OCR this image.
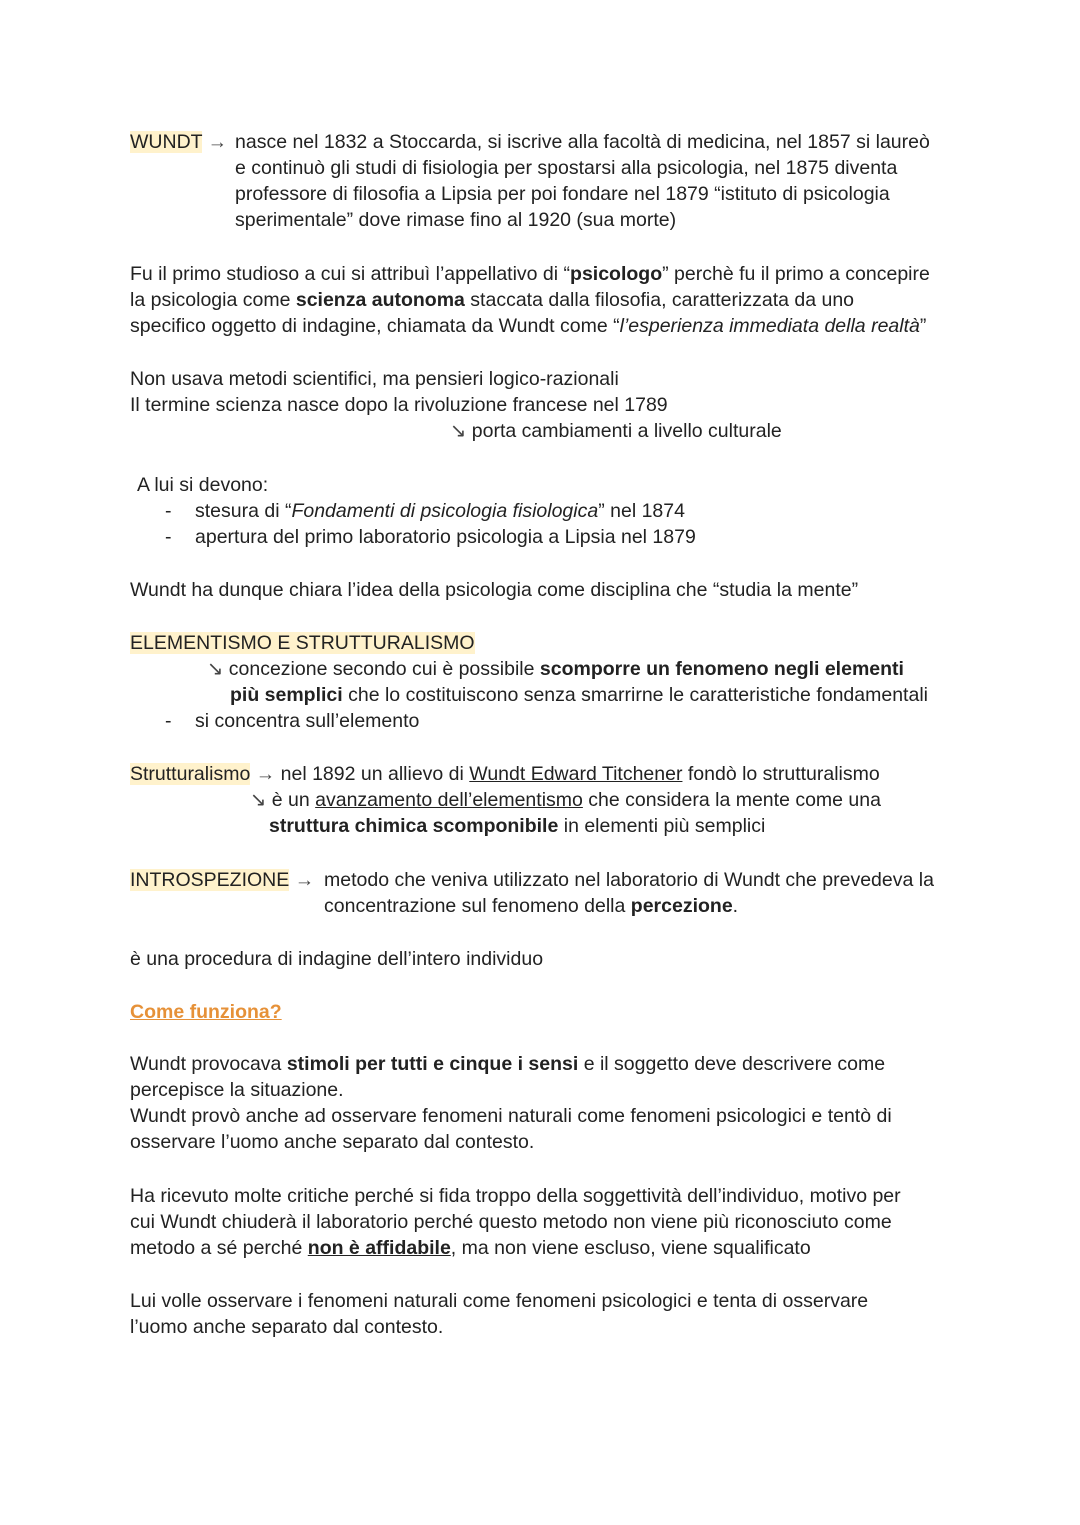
WUNDT → nasce nel 1832 a Stoccarda, si iscrive alla facoltà di medicina, nel 1857 si laureò
e continuò gli studi di fisiologia per spostarsi alla psicologia, nel 1875 diventa
professore di filosofia a Lipsia per poi fondare nel 1879 “istituto di psicologia
sperimentale” dove rimase fino al 1920 (sua morte)
Fu il primo studioso a cui si attribuì l’appellativo di “psicologo” perchè fu il primo a concepire
la psicologia come scienza autonoma staccata dalla filosofia, caratterizzata da uno
specifico oggetto di indagine, chiamata da Wundt come “l’esperienza immediata della realtà”
Non usava metodi scientifici, ma pensieri logico-razionali
Il termine scienza nasce dopo la rivoluzione francese nel 1789
↘ porta cambiamenti a livello culturale
A lui si devono:
- stesura di “Fondamenti di psicologia fisiologica” nel 1874
- apertura del primo laboratorio psicologia a Lipsia nel 1879
Wundt ha dunque chiara l’idea della psicologia come disciplina che “studia la mente”
ELEMENTISMO E STRUTTURALISMO
↘ concezione secondo cui è possibile scomporre un fenomeno negli elementi
più semplici che lo costituiscono senza smarrirne le caratteristiche fondamentali
- si concentra sull’elemento
Strutturalismo → nel 1892 un allievo di Wundt Edward Titchener fondò lo strutturalismo
↘ è un avanzamento dell’elementismo che considera la mente come una
struttura chimica scomponibile in elementi più semplici
INTROSPEZIONE → metodo che veniva utilizzato nel laboratorio di Wundt che prevedeva la
concentrazione sul fenomeno della percezione.
è una procedura di indagine dell’intero individuo
Come funziona?
Wundt provocava stimoli per tutti e cinque i sensi e il soggetto deve descrivere come
percepisce la situazione.
Wundt provò anche ad osservare fenomeni naturali come fenomeni psicologici e tentò di
osservare l’uomo anche separato dal contesto.
Ha ricevuto molte critiche perché si fida troppo della soggettività dell’individuo, motivo per
cui Wundt chiuderà il laboratorio perché questo metodo non viene più riconosciuto come
metodo a sé perché non è affidabile, ma non viene escluso, viene squalificato
Lui volle osservare i fenomeni naturali come fenomeni psicologici e tenta di osservare
l’uomo anche separato dal contesto.
